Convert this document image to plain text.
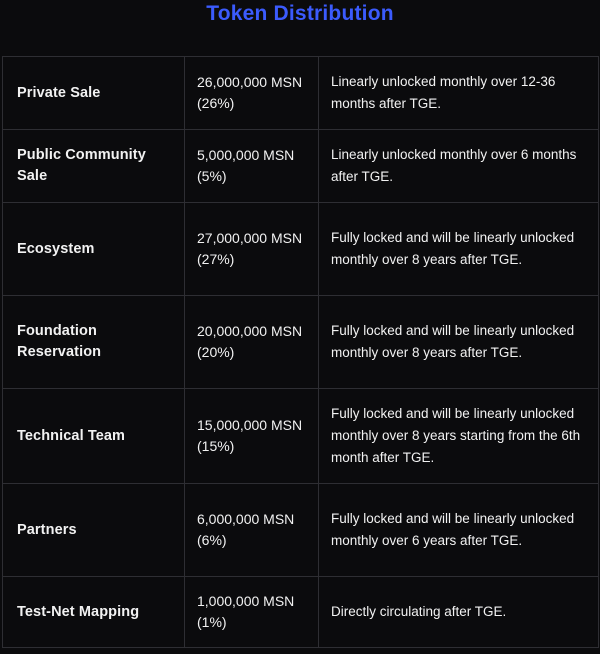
Token Distribution
Private Sale	26,000,000 MSN (26%)	Linearly unlocked monthly over 12-36 months after TGE.
Public Community Sale	5,000,000 MSN (5%)	Linearly unlocked monthly over 6 months after TGE.
Ecosystem	27,000,000 MSN (27%)	Fully locked and will be linearly unlocked monthly over 8 years after TGE.
Foundation Reservation	20,000,000 MSN (20%)	Fully locked and will be linearly unlocked monthly over 8 years after TGE.
Technical Team	15,000,000 MSN (15%)	Fully locked and will be linearly unlocked monthly over 8 years starting from the 6th month after TGE.
Partners	6,000,000 MSN (6%)	Fully locked and will be linearly unlocked monthly over 6 years after TGE.
Test-Net Mapping	1,000,000 MSN (1%)	Directly circulating after TGE.
